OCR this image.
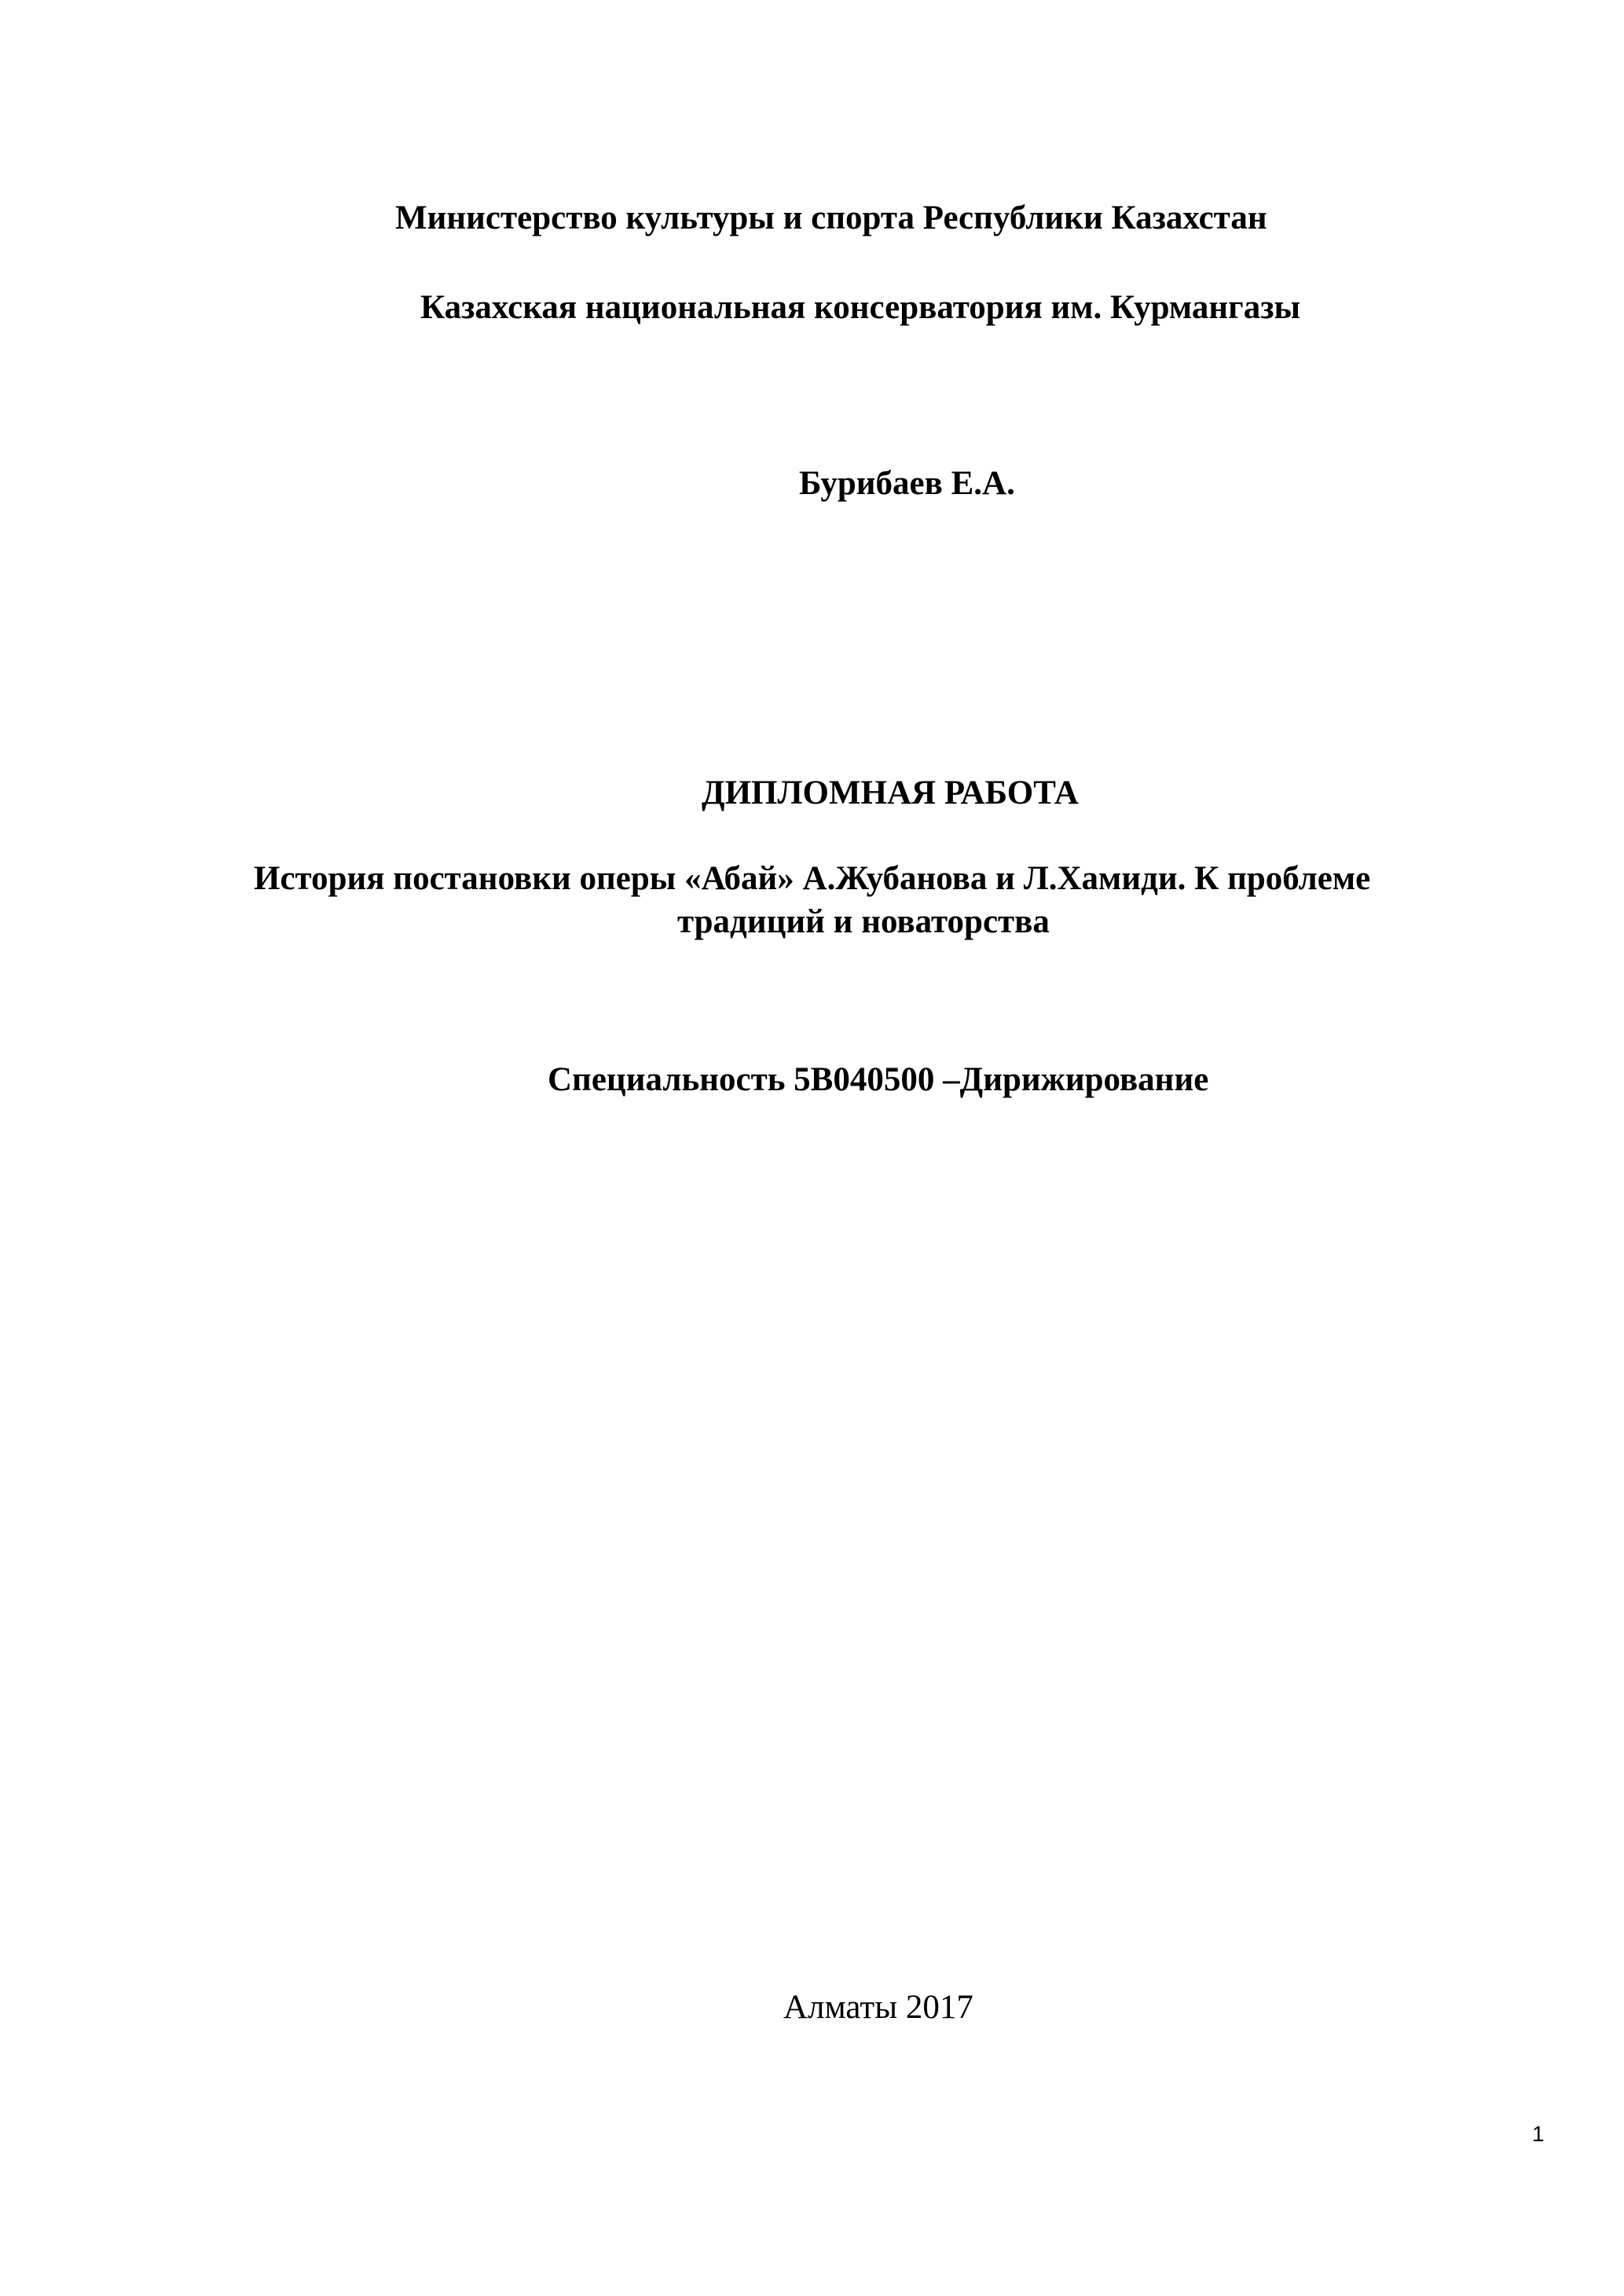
Министерство культуры и спорта Республики Казахстан
Казахская национальная консерватория им. Курмангазы
Бурибаев Е.А.
ДИПЛОМНАЯ РАБОТА
История постановки оперы «Абай» А.Жубанова и Л.Хамиди. К проблеме
традиций и новаторства
Специальность 5В040500 –Дирижирование
Алматы 2017
1
